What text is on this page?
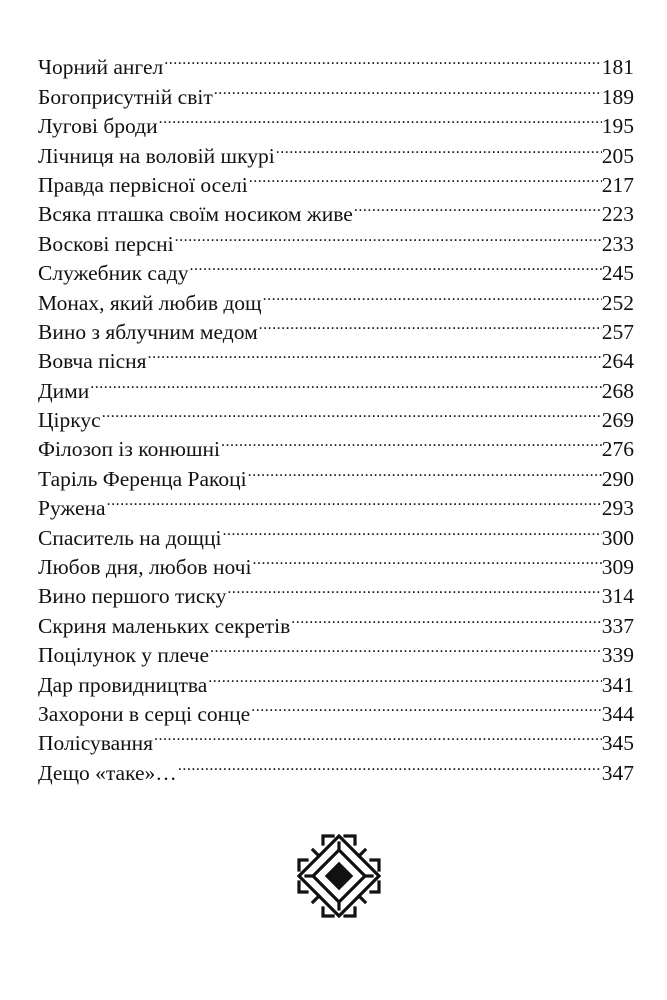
Чорний ангел .....	181
Богоприсутній світ .....	189
Лугові броди .....	195
Лічниця на воловій шкурі .....	205
Правда первісної оселі .....	217
Всяка пташка своїм носиком живе .....	223
Воскові персні .....	233
Служебник саду .....	245
Монах, який любив дощ .....	252
Вино з яблучним медом .....	257
Вовча пісня .....	264
Дими .....	268
Ціркус .....	269
Філозоп із конюшні .....	276
Таріль Ференца Ракоці .....	290
Ружена .....	293
Спаситель на дощці .....	300
Любов дня, любов ночі .....	309
Вино першого тиску .....	314
Скриня маленьких секретів .....	337
Поцілунок у плече .....	339
Дар провидництва .....	341
Захорони в серці сонце .....	344
Полісування .....	345
Дещо «таке»… .....	347
